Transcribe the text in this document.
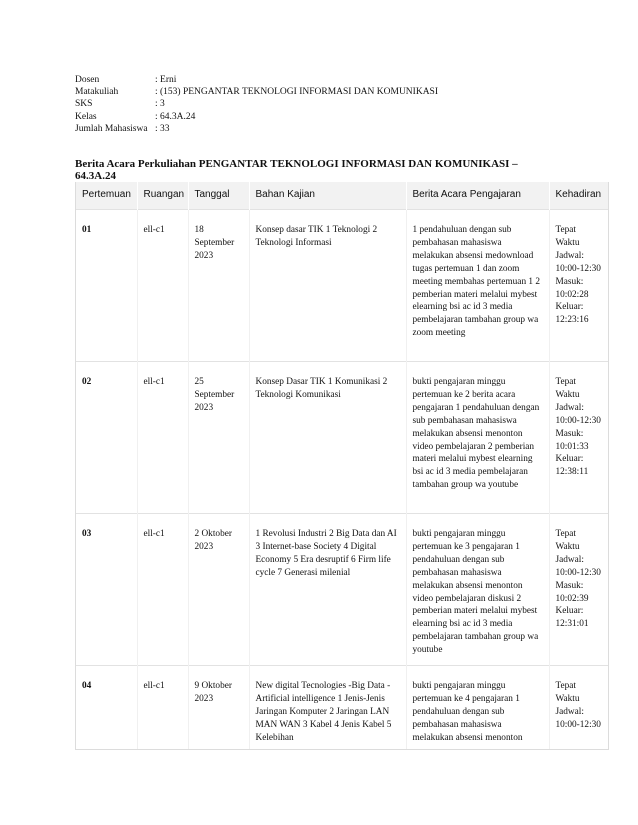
Dosen	: Erni
Matakuliah	: (153) PENGANTAR TEKNOLOGI INFORMASI DAN KOMUNIKASI
SKS	: 3
Kelas	: 64.3A.24
Jumlah Mahasiswa : 33
Berita Acara Perkuliahan PENGANTAR TEKNOLOGI INFORMASI DAN KOMUNIKASI – 64.3A.24
Pertemuan	Ruangan	Tanggal	Bahan Kajian	Berita Acara Pengajaran	Kehadiran
01	ell-c1	18 September 2023	Konsep dasar TIK 1 Teknologi 2 Teknologi Informasi	1 pendahuluan dengan sub pembahasan mahasiswa melakukan absensi medownload tugas pertemuan 1 dan zoom meeting membahas pertemuan 1 2 pemberian materi melalui mybest elearning bsi ac id 3 media pembelajaran tambahan group wa zoom meeting	Tepat Waktu Jadwal: 10:00-12:30 Masuk: 10:02:28 Keluar: 12:23:16
02	ell-c1	25 September 2023	Konsep Dasar TIK 1 Komunikasi 2 Teknologi Komunikasi	bukti pengajaran minggu pertemuan ke 2 berita acara pengajaran 1 pendahuluan dengan sub pembahasan mahasiswa melakukan absensi menonton video pembelajaran 2 pemberian materi melalui mybest elearning bsi ac id 3 media pembelajaran tambahan group wa youtube	Tepat Waktu Jadwal: 10:00-12:30 Masuk: 10:01:33 Keluar: 12:38:11
03	ell-c1	2 Oktober 2023	1 Revolusi Industri 2 Big Data dan AI 3 Internet-base Society 4 Digital Economy 5 Era desruptif 6 Firm life cycle 7 Generasi milenial	bukti pengajaran minggu pertemuan ke 3 pengajaran 1 pendahuluan dengan sub pembahasan mahasiswa melakukan absensi menonton video pembelajaran diskusi 2 pemberian materi melalui mybest elearning bsi ac id 3 media pembelajaran tambahan group wa youtube	Tepat Waktu Jadwal: 10:00-12:30 Masuk: 10:02:39 Keluar: 12:31:01
04	ell-c1	9 Oktober 2023	New digital Tecnologies -Big Data -Artificial intelligence 1 Jenis-Jenis Jaringan Komputer 2 Jaringan LAN MAN WAN 3 Kabel 4 Jenis Kabel 5 Kelebihan	bukti pengajaran minggu pertemuan ke 4 pengajaran 1 pendahuluan dengan sub pembahasan mahasiswa melakukan absensi menonton	Tepat Waktu Jadwal: 10:00-12:30
